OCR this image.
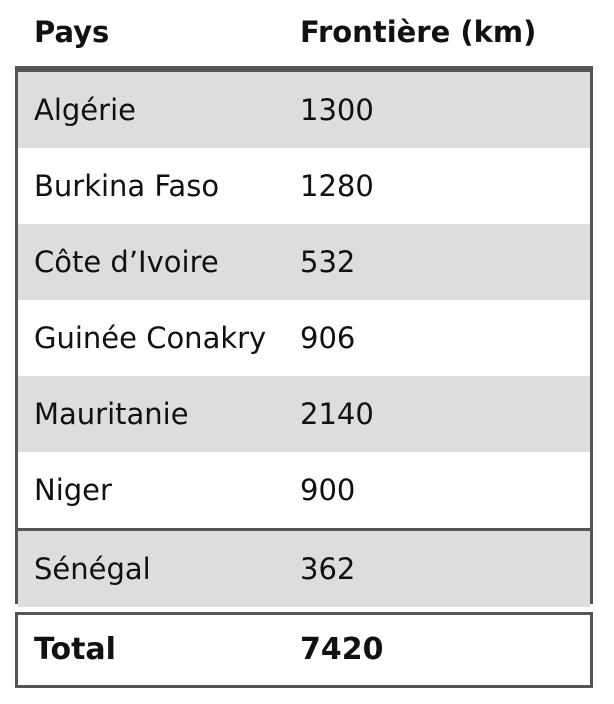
Pays	Frontière (km)
Algérie	1300
Burkina Faso	1280
Côte d’Ivoire	532
Guinée Conakry 906
Mauritanie	2140
Niger	900
Sénégal	362
Total	7420
